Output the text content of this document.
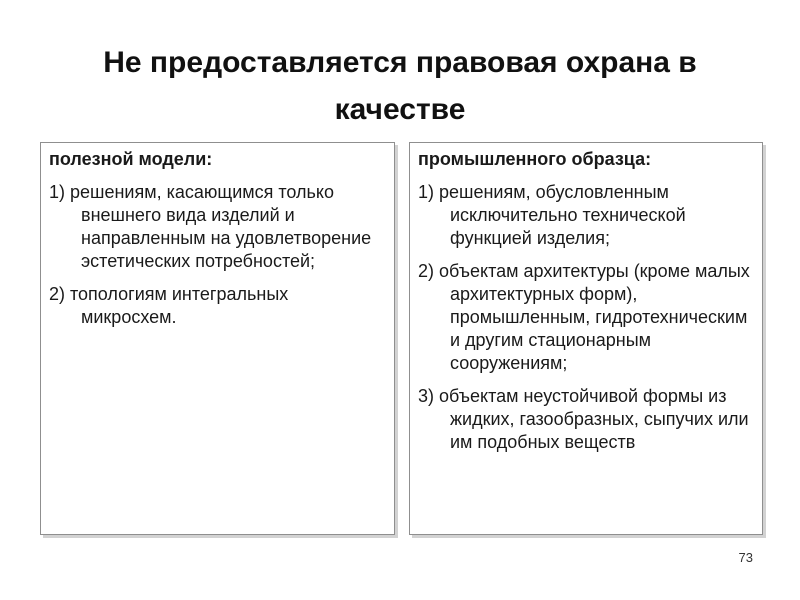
Не предоставляется правовая охрана в
качестве
полезной модели:
1) решениям, касающимся только внешнего вида изделий и направленным на удовлетворение эстетических потребностей;
2) топологиям интегральных микросхем.
промышленного образца:
1) решениям, обусловленным исключительно технической функцией изделия;
2) объектам архитектуры (кроме малых архитектурных форм), промышленным, гидротехническим и другим стационарным сооружениям;
3) объектам неустойчивой формы из жидких, газообразных, сыпучих или им подобных веществ
73
